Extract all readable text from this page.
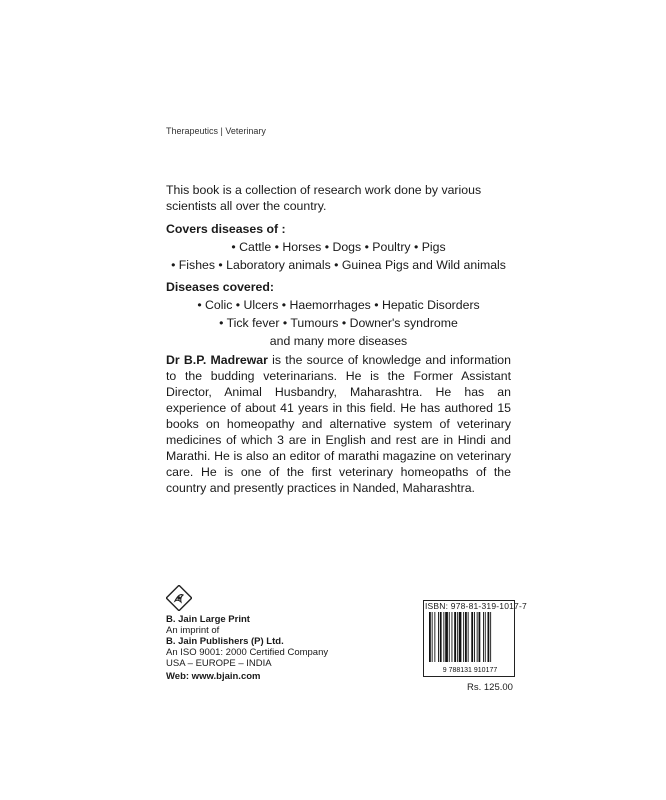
Therapeutics | Veterinary
This book is a collection of research work done by various scientists all over the country.
Covers diseases of :
• Cattle • Horses • Dogs • Poultry • Pigs
• Fishes • Laboratory animals • Guinea Pigs and Wild animals
Diseases covered:
• Colic • Ulcers • Haemorrhages • Hepatic Disorders
• Tick fever • Tumours • Downer's syndrome
and many more diseases
Dr B.P. Madrewar is the source of knowledge and information to the budding veterinarians. He is the Former Assistant Director, Animal Husbandry, Maharashtra. He has an experience of about 41 years in this field. He has authored 15 books on homeopathy and alternative system of veterinary medicines of which 3 are in English and rest are in Hindi and Marathi. He is also an editor of marathi magazine on veterinary care. He is one of the first veterinary homeopaths of the country and presently practices in Nanded, Maharashtra.
B. Jain Large Print
An imprint of
B. Jain Publishers (P) Ltd.
An ISO 9001: 2000 Certified Company
USA – EUROPE – INDIA
Web: www.bjain.com
ISBN: 978-81-319-1017-7
9 788131 910177
Rs. 125.00
